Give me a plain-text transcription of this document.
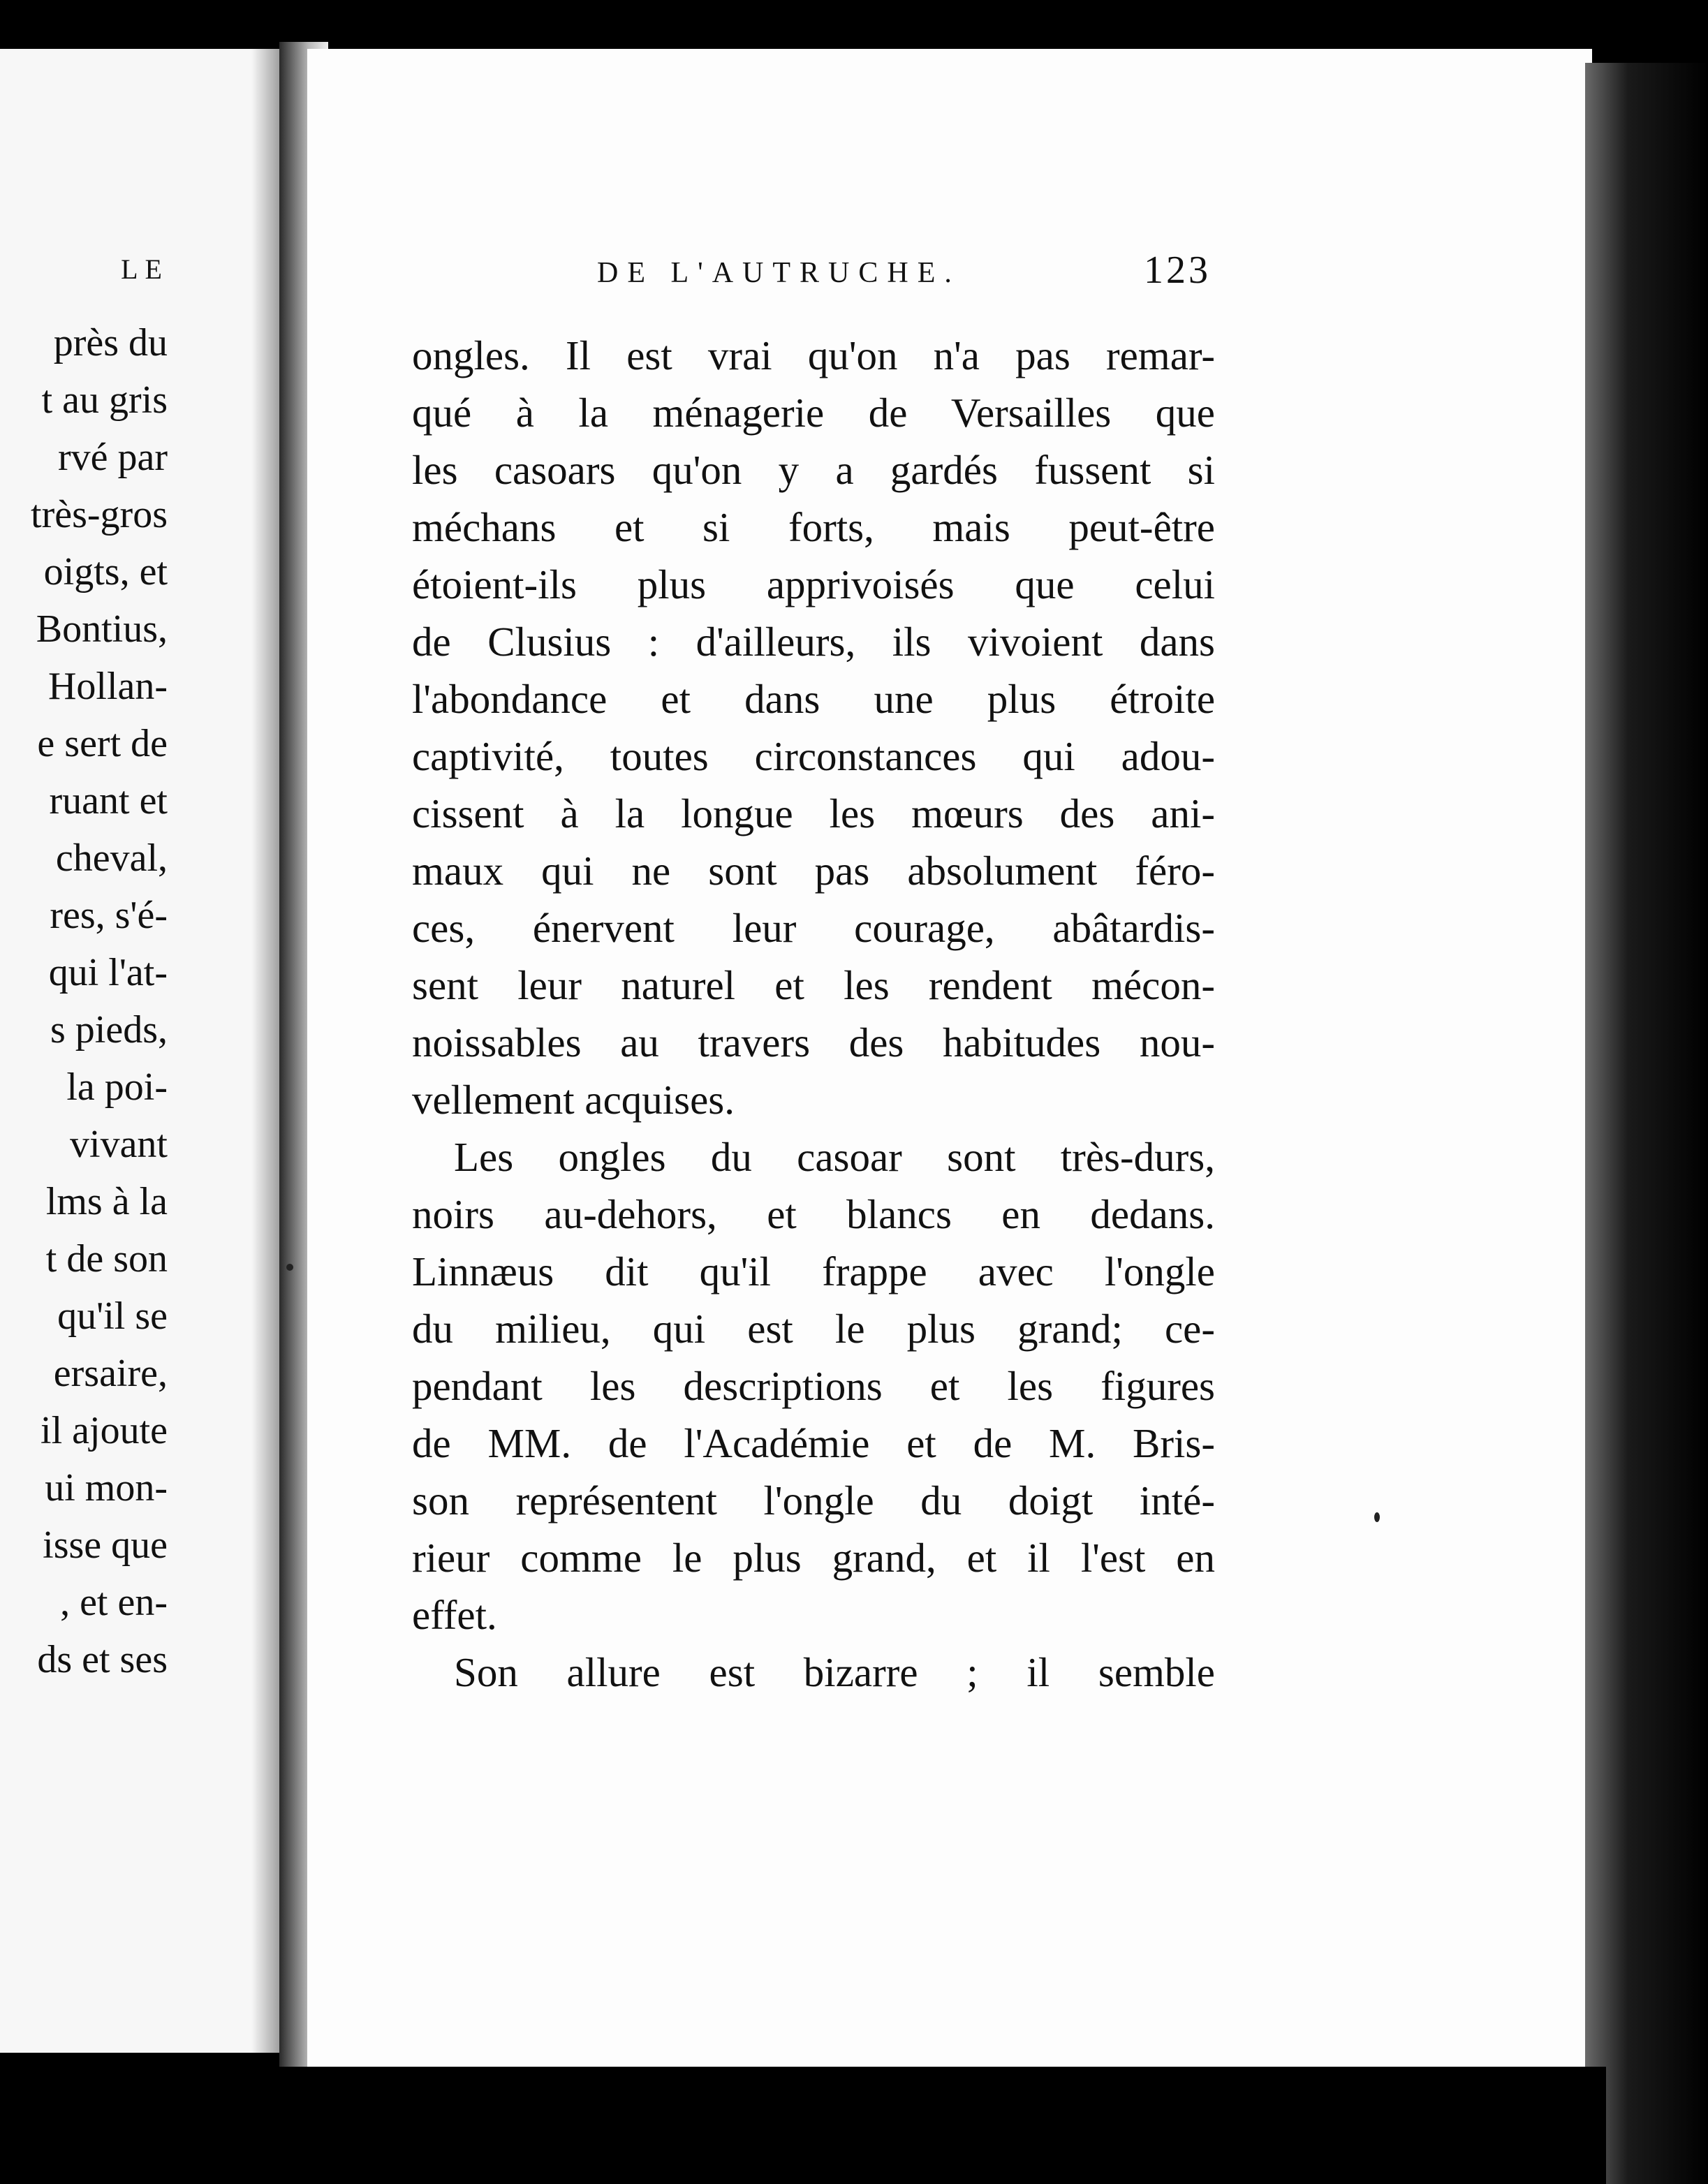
LE
près du
t au gris
rvé par
très-gros
oigts, et
Bontius,
Hollan-
e sert de
ruant et
cheval,
res, s'é-
qui l'at-
s pieds,
la poi-
vivant
lms à la
t de son
qu'il se
ersaire,
il ajoute
ui mon-
isse que
, et en-
ds et ses
DE L'AUTRUCHE.	123
ongles. Il est vrai qu'on n'a pas remar-
qué à la ménagerie de Versailles que
les casoars qu'on y a gardés fussent si
méchans et si forts, mais peut-être
étoient-ils plus apprivoisés que celui
de Clusius : d'ailleurs, ils vivoient dans
l'abondance et dans une plus étroite
captivité, toutes circonstances qui adou-
cissent à la longue les mœurs des ani-
maux qui ne sont pas absolument féro-
ces, énervent leur courage, abâtardis-
sent leur naturel et les rendent mécon-
noissables au travers des habitudes nou-
vellement acquises.
Les ongles du casoar sont très-durs,
noirs au-dehors, et blancs en dedans.
Linnæus dit qu'il frappe avec l'ongle
du milieu, qui est le plus grand; ce-
pendant les descriptions et les figures
de MM. de l'Académie et de M. Bris-
son représentent l'ongle du doigt inté-
rieur comme le plus grand, et il l'est en
effet.
Son allure est bizarre ; il semble
